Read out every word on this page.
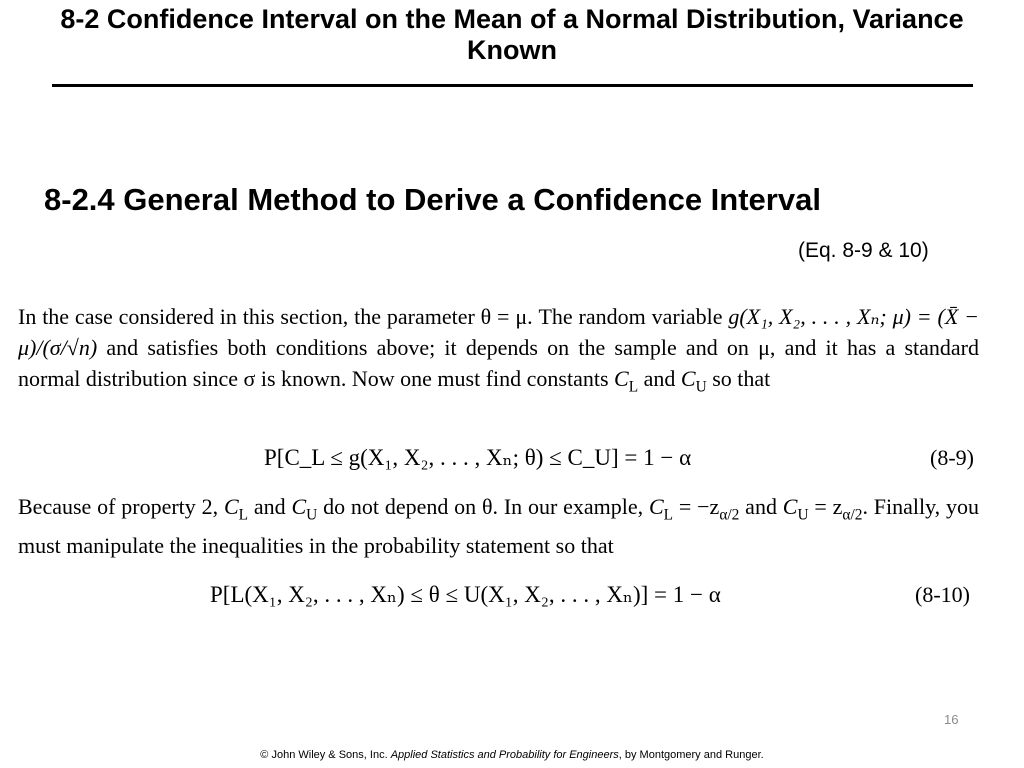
8-2 Confidence Interval on the Mean of a Normal Distribution, Variance Known
8-2.4 General Method to Derive a Confidence Interval
(Eq. 8-9 & 10)
In the case considered in this section, the parameter θ = μ. The random variable g(X₁, X₂, . . . , Xₙ; μ) = (X̄ − μ)/(σ/√n) and satisfies both conditions above; it depends on the sample and on μ, and it has a standard normal distribution since σ is known. Now one must find constants $C_L$ and $C_U$ so that
P[C_L ≤ g(X₁, X₂, . . . , Xₙ; θ) ≤ C_U] = 1 − α	(8-9)
Because of property 2, $C_L$ and $C_U$ do not depend on θ. In our example, $C_L = -z_{\alpha/2}$ and $C_U = z_{\alpha/2}$. Finally, you must manipulate the inequalities in the probability statement so that
P[L(X₁, X₂, . . . , Xₙ) ≤ θ ≤ U(X₁, X₂, . . . , Xₙ)] = 1 − α	(8-10)
16
© John Wiley & Sons, Inc. Applied Statistics and Probability for Engineers, by Montgomery and Runger.
